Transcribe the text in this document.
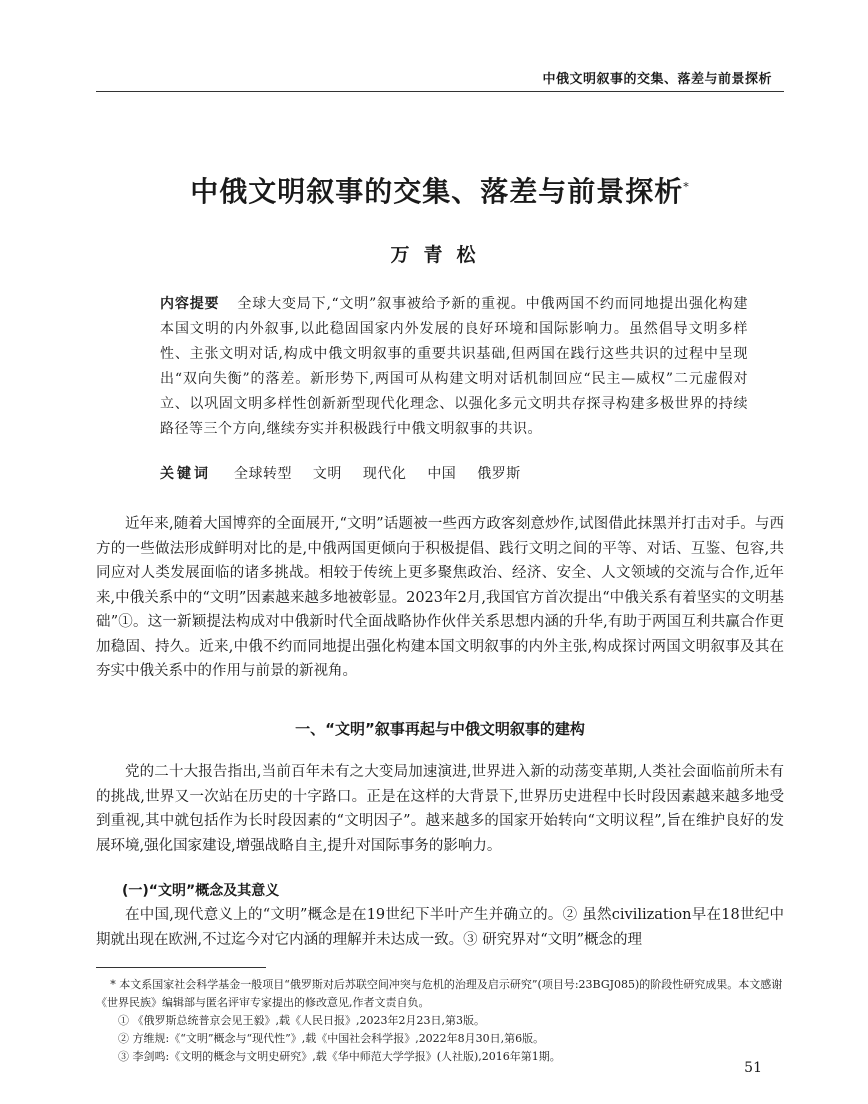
中俄文明叙事的交集、落差与前景探析
中俄文明叙事的交集、落差与前景探析*
万青松
内容提要 全球大变局下,“文明”叙事被给予新的重视。中俄两国不约而同地提出强化构建本国文明的内外叙事,以此稳固国家内外发展的良好环境和国际影响力。虽然倡导文明多样性、主张文明对话,构成中俄文明叙事的重要共识基础,但两国在践行这些共识的过程中呈现出“双向失衡”的落差。新形势下,两国可从构建文明对话机制回应“民主—威权”二元虚假对立、以巩固文明多样性创新新型现代化理念、以强化多元文明共存探寻构建多极世界的持续路径等三个方向,继续夯实并积极践行中俄文明叙事的共识。
关键词 全球转型 文明 现代化 中国 俄罗斯

近年来,随着大国博弈的全面展开,“文明”话题被一些西方政客刻意炒作,试图借此抹黑并打击对手。与西方的一些做法形成鲜明对比的是,中俄两国更倾向于积极提倡、践行文明之间的平等、对话、互鉴、包容,共同应对人类发展面临的诸多挑战。相较于传统上更多聚焦政治、经济、安全、人文领域的交流与合作,近年来,中俄关系中的“文明”因素越来越多地被彰显。2023年2月,我国官方首次提出“中俄关系有着坚实的文明基础”①。这一新颖提法构成对中俄新时代全面战略协作伙伴关系思想内涵的升华,有助于两国互利共赢合作更加稳固、持久。近来,中俄不约而同地提出强化构建本国文明叙事的内外主张,构成探讨两国文明叙事及其在夯实中俄关系中的作用与前景的新视角。

一、“文明”叙事再起与中俄文明叙事的建构

党的二十大报告指出,当前百年未有之大变局加速演进,世界进入新的动荡变革期,人类社会面临前所未有的挑战,世界又一次站在历史的十字路口。正是在这样的大背景下,世界历史进程中长时段因素越来越多地受到重视,其中就包括作为长时段因素的“文明因子”。越来越多的国家开始转向“文明议程”,旨在维护良好的发展环境,强化国家建设,增强战略自主,提升对国际事务的影响力。

(一)“文明”概念及其意义

在中国,现代意义上的“文明”概念是在19世纪下半叶产生并确立的。② 虽然civilization早在18世纪中期就出现在欧洲,不过迄今对它内涵的理解并未达成一致。③ 研究界对“文明”概念的理

* 本文系国家社会科学基金一般项目“俄罗斯对后苏联空间冲突与危机的治理及启示研究”(项目号:23BGJ085)的阶段性研究成果。本文感谢《世界民族》编辑部与匿名评审专家提出的修改意见,作者文责自负。

① 《俄罗斯总统普京会见王毅》,载《人民日报》,2023年2月23日,第3版。

② 方维规:《“文明”概念与“现代性”》,载《中国社会科学报》,2022年8月30日,第6版。

③ 李剑鸣:《文明的概念与文明史研究》,载《华中师范大学学报》(人社版),2016年第1期。

51
